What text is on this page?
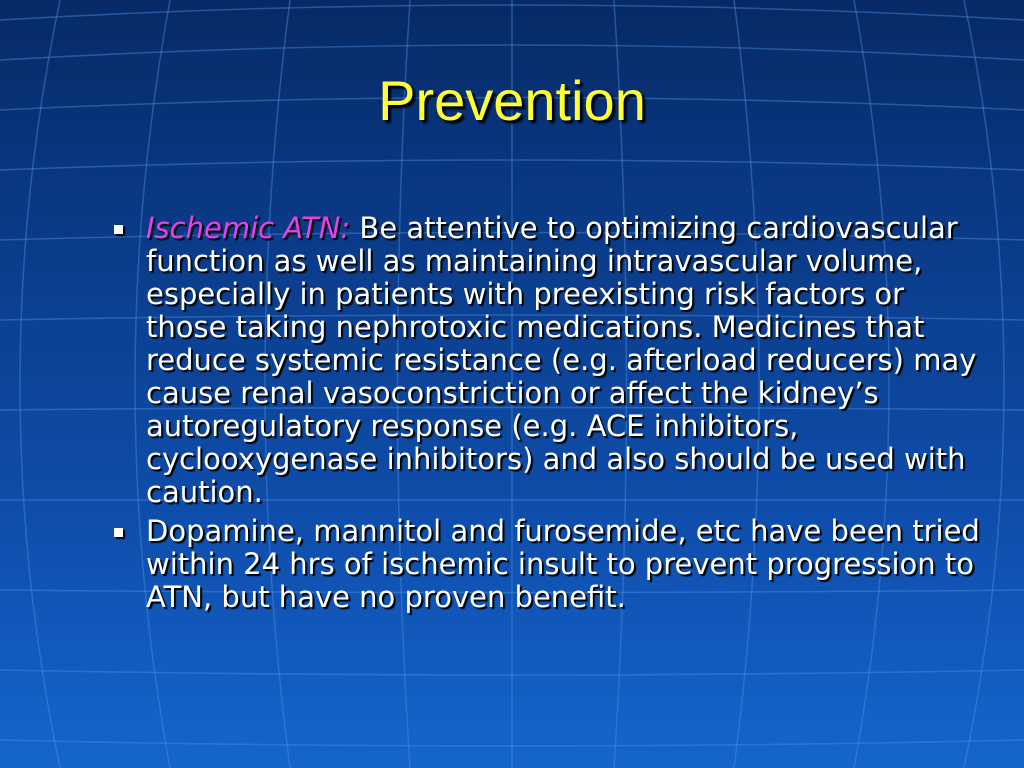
Prevention

Ischemic ATN: Be attentive to optimizing cardiovascular function as well as maintaining intravascular volume, especially in patients with preexisting risk factors or those taking nephrotoxic medications. Medicines that reduce systemic resistance (e.g. afterload reducers) may cause renal vasoconstriction or affect the kidney’s autoregulatory response (e.g. ACE inhibitors, cyclooxygenase inhibitors) and also should be used with caution.

Dopamine, mannitol and furosemide, etc have been tried within 24 hrs of ischemic insult to prevent progression to ATN, but have no proven benefit.
